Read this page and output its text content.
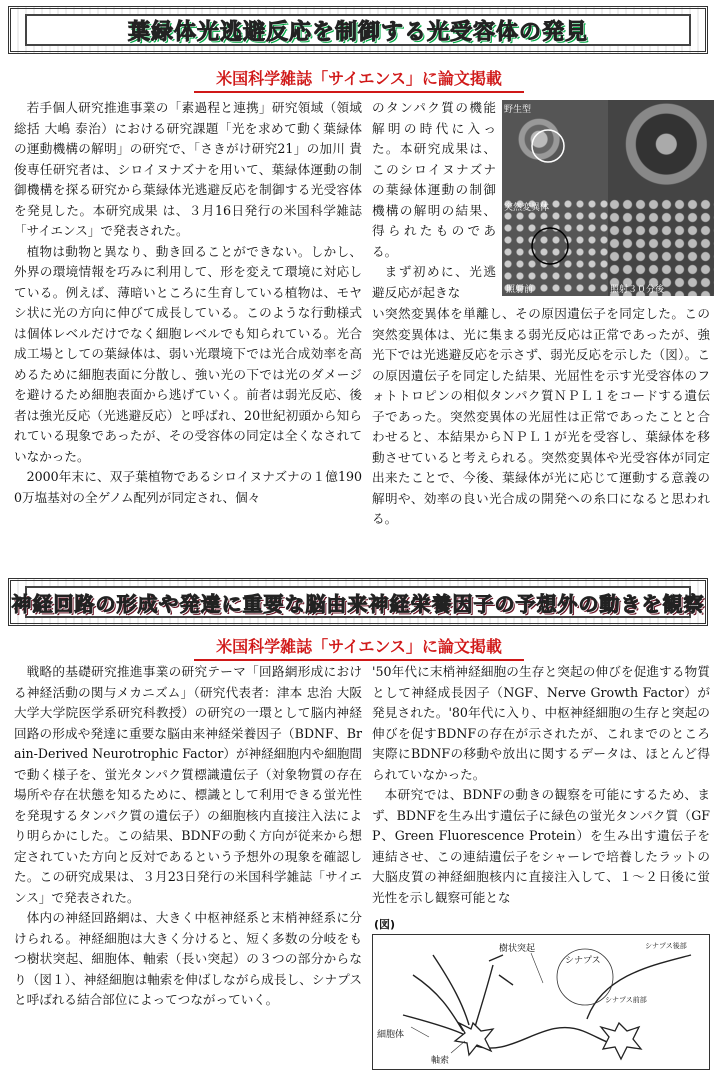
葉緑体光逃避反応を制御する光受容体の発見
米国科学雑誌「サイエンス」に論文掲載

若手個人研究推進事業の「素過程と連携」研究領域（領域総括 大嶋 泰治）における研究課題「光を求めて動く葉緑体の運動機構の解明」の研究で、「さきがけ研究21」の加川 貴俊専任研究者は、シロイヌナズナを用いて、葉緑体運動の制御機構を探る研究から葉緑体光逃避反応を制御する光受容体を発見した。本研究成果 は、３月16日発行の米国科学雑誌「サイエンス」で発表された。

植物は動物と異なり、動き回ることができない。しかし、外界の環境情報を巧みに利用して、形を変えて環境に対応している。例えば、薄暗いところに生育している植物は、モヤシ状に光の方向に伸びて成長している。このような行動様式は個体レベルだけでなく細胞レベルでも知られている。光合成工場としての葉緑体は、弱い光環境下では光合成効率を高めるために細胞表面に分散し、強い光の下では光のダメージを避けるため細胞表面から逃げていく。前者は弱光反応、後者は強光反応（光逃避反応）と呼ばれ、20世紀初頭から知られている現象であったが、その受容体の同定は全くなされていなかった。

2000年末に、双子葉植物であるシロイヌナズナの１億1900万塩基対の全ゲノム配列が同定され、個々

のタンパク質の機能解明の時代に入った。本研究成果は、このシロイヌナズナの葉緑体運動の制御機構の解明の結果、得られたものである。

まず初めに、光逃避反応が起きな

野生型
突然変異体
照射前	照射３０分後

い突然変異体を単離し、その原因遺伝子を同定した。この突然変異体は、光に集まる弱光反応は正常であったが、強光下では光逃避反応を示さず、弱光反応を示した（図）。この原因遺伝子を同定した結果、光屈性を示す光受容体のフォトトロピンの相似タンパク質ＮＰＬ１をコードする遺伝子であった。突然変異体の光屈性は正常であったことと合わせると、本結果からＮＰＬ１が光を受容し、葉緑体を移動させていると考えられる。突然変異体や光受容体が同定出来たことで、今後、葉緑体が光に応じて運動する意義の解明や、効率の良い光合成の開発への糸口になると思われる。

神経回路の形成や発達に重要な脳由来神経栄養因子の予想外の動きを観察
米国科学雑誌「サイエンス」に論文掲載

戦略的基礎研究推進事業の研究テーマ「回路網形成における神経活動の関与メカニズム」（研究代表者：津本 忠治 大阪大学大学院医学系研究科教授）の研究の一環として脳内神経回路の形成や発達に重要な脳由来神経栄養因子（BDNF、Brain-Derived Neurotrophic Factor）が神経細胞内や細胞間で動く様子を、蛍光タンパク質標識遺伝子（対象物質の存在場所や存在状態を知るために、標識として利用できる蛍光性を発現するタンパク質の遺伝子）の細胞核内直接注入法により明らかにした。この結果、BDNFの動く方向が従来から想定されていた方向と反対であるという予想外の現象を確認した。この研究成果は、３月23日発行の米国科学雑誌「サイエンス」で発表された。

体内の神経回路網は、大きく中枢神経系と末梢神経系に分けられる。神経細胞は大きく分けると、短く多数の分岐をもつ樹状突起、細胞体、軸索（長い突起）の３つの部分からなり（図１）、神経細胞は軸索を伸ばしながら成長し、シナプスと呼ばれる結合部位によってつながっていく。

'50年代に末梢神経細胞の生存と突起の伸びを促進する物質として神経成長因子（NGF、Nerve Growth Factor）が発見された。'80年代に入り、中枢神経細胞の生存と突起の伸びを促すBDNFの存在が示されたが、これまでのところ実際にBDNFの移動や放出に関するデータは、ほとんど得られていなかった。

本研究では、BDNFの動きの観察を可能にするため、まず、BDNFを生み出す遺伝子に緑色の蛍光タンパク質（GFP、Green Fluorescence Protein）を生み出す遺伝子を連結させ、この連結遺伝子をシャーレで培養したラットの大脳皮質の神経細胞核内に直接注入して、１～２日後に蛍光性を示し観察可能とな

(図)
樹状突起
シナプス
シナプス後部
シナプス前部
細胞体
軸索
